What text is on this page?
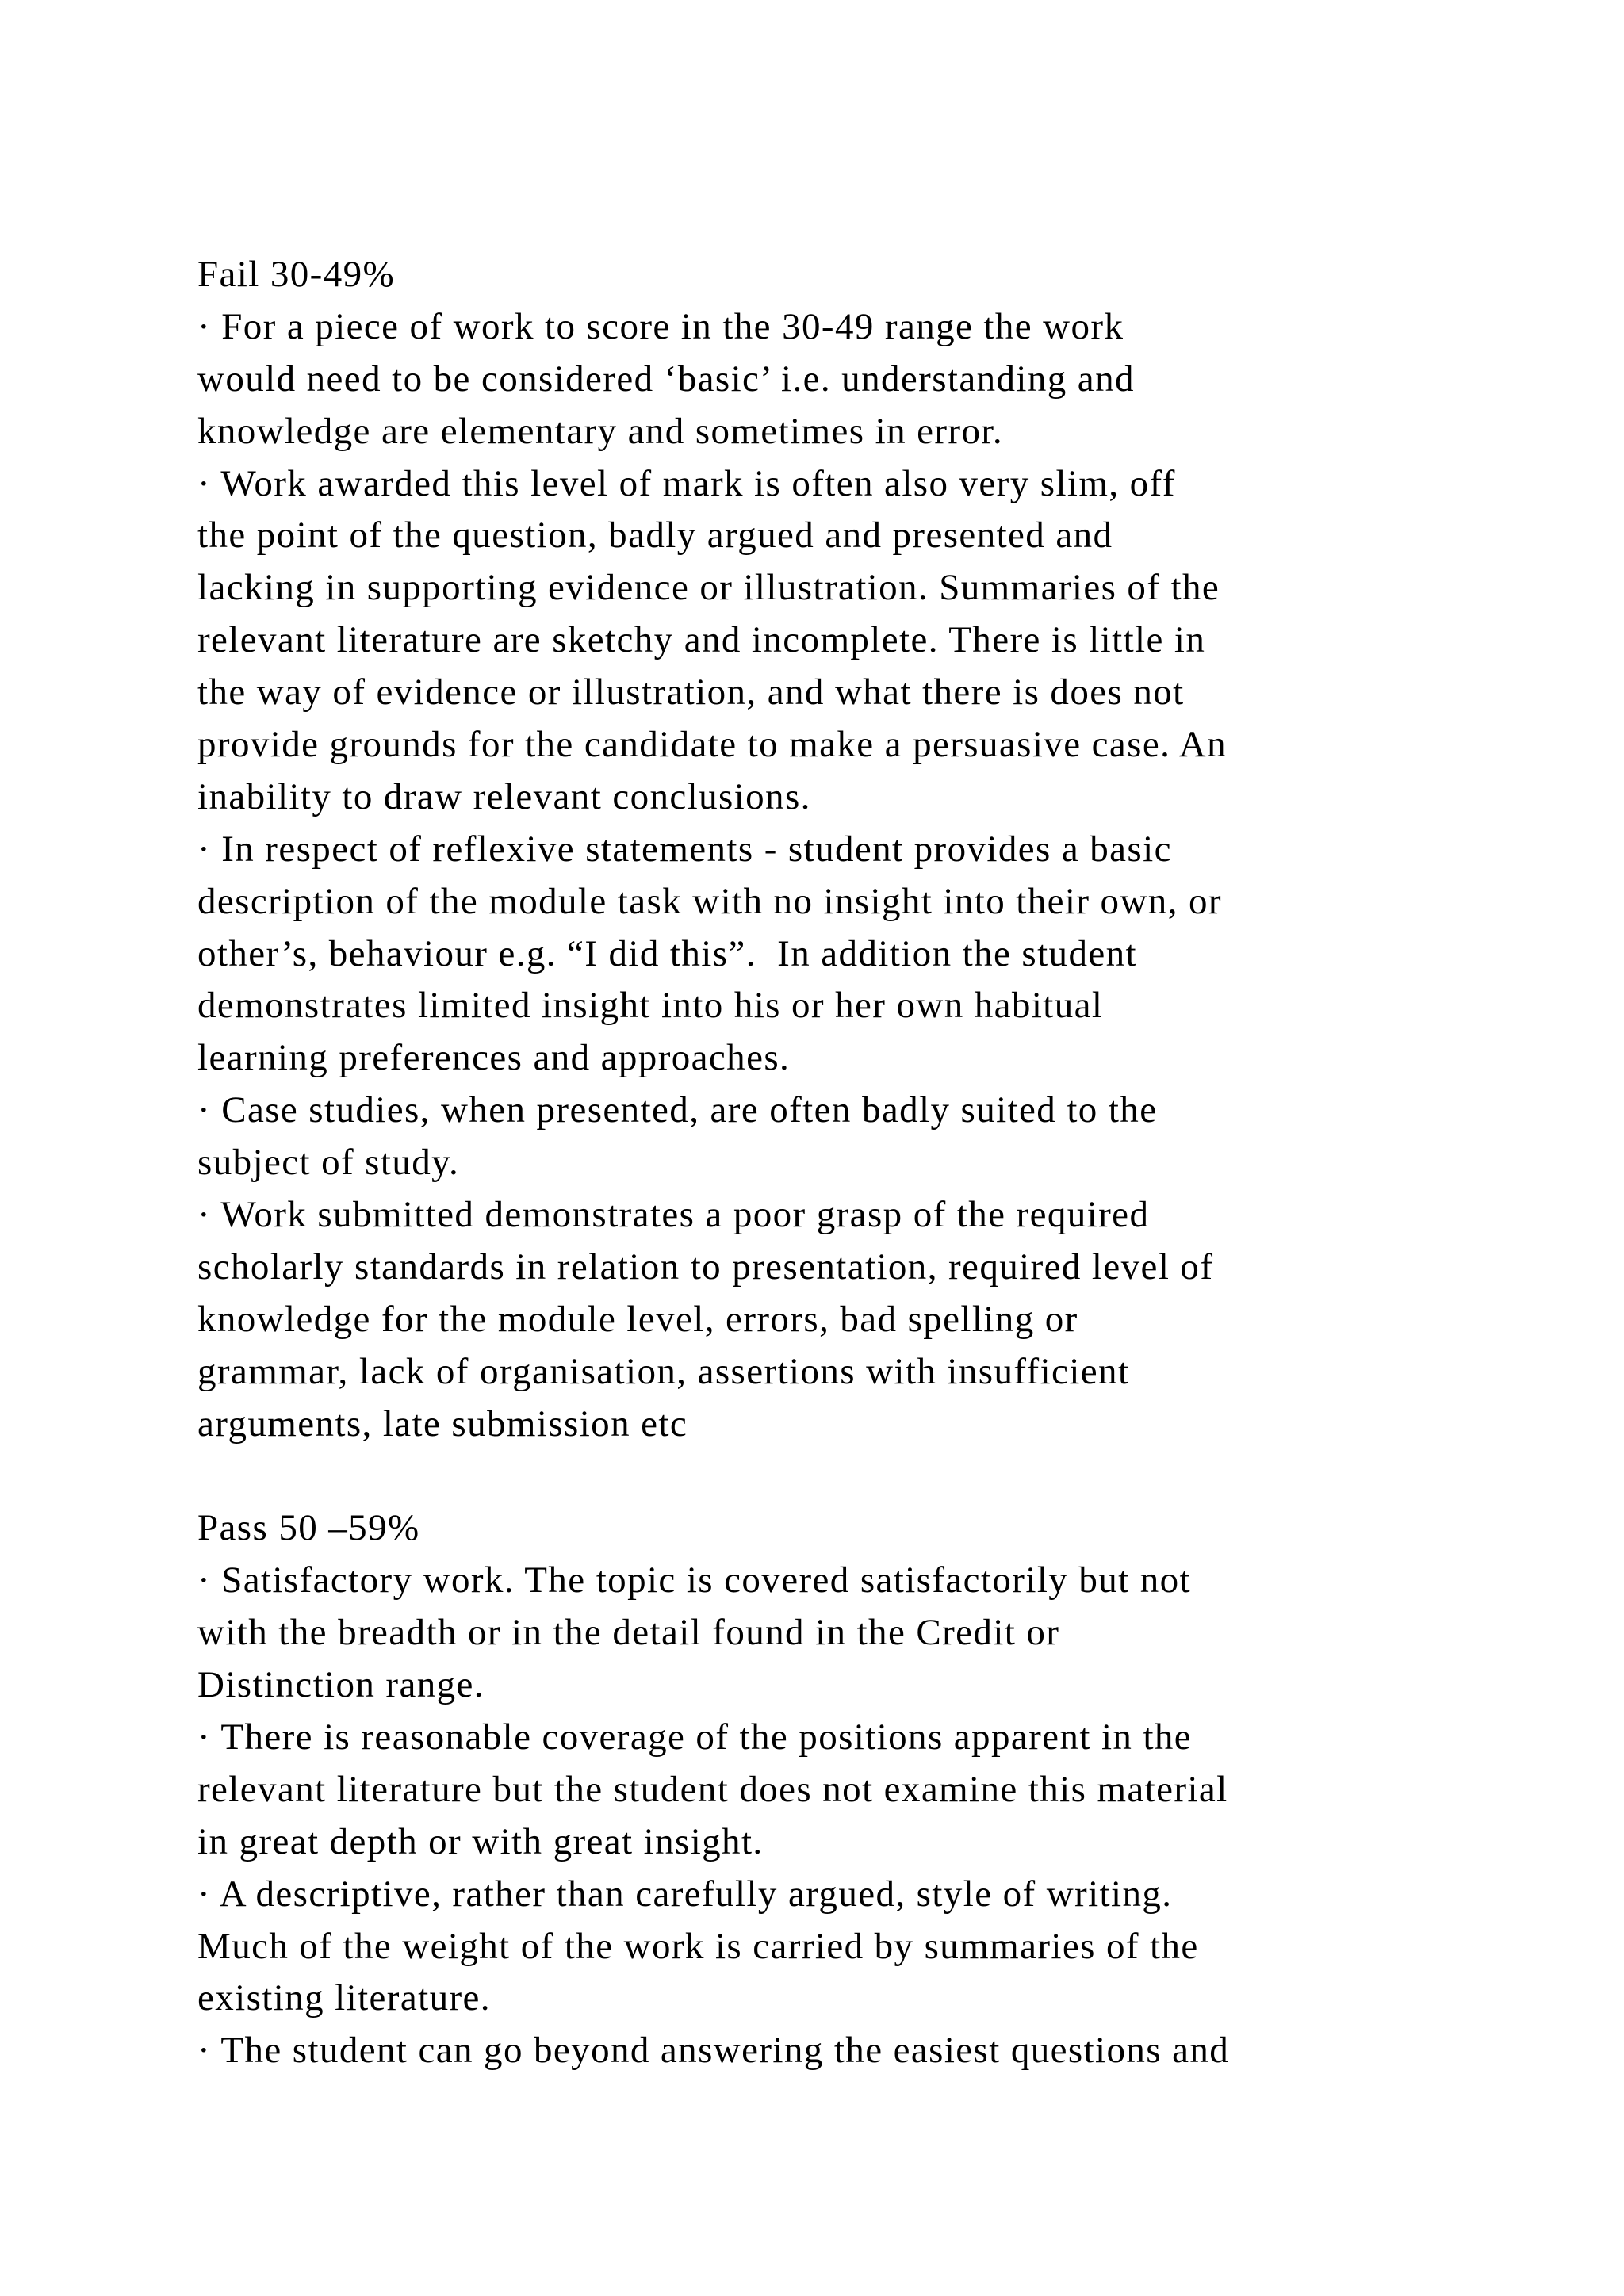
Fail 30-49%
· For a piece of work to score in the 30-49 range the work
would need to be considered ‘basic’ i.e. understanding and
knowledge are elementary and sometimes in error.
· Work awarded this level of mark is often also very slim, off
the point of the question, badly argued and presented and
lacking in supporting evidence or illustration. Summaries of the
relevant literature are sketchy and incomplete. There is little in
the way of evidence or illustration, and what there is does not
provide grounds for the candidate to make a persuasive case. An
inability to draw relevant conclusions.
· In respect of reflexive statements - student provides a basic
description of the module task with no insight into their own, or
other’s, behaviour e.g. “I did this”.  In addition the student
demonstrates limited insight into his or her own habitual
learning preferences and approaches.
· Case studies, when presented, are often badly suited to the
subject of study.
· Work submitted demonstrates a poor grasp of the required
scholarly standards in relation to presentation, required level of
knowledge for the module level, errors, bad spelling or
grammar, lack of organisation, assertions with insufficient
arguments, late submission etc
Pass 50 –59%
· Satisfactory work. The topic is covered satisfactorily but not
with the breadth or in the detail found in the Credit or
Distinction range.
· There is reasonable coverage of the positions apparent in the
relevant literature but the student does not examine this material
in great depth or with great insight.
· A descriptive, rather than carefully argued, style of writing.
Much of the weight of the work is carried by summaries of the
existing literature.
· The student can go beyond answering the easiest questions and
